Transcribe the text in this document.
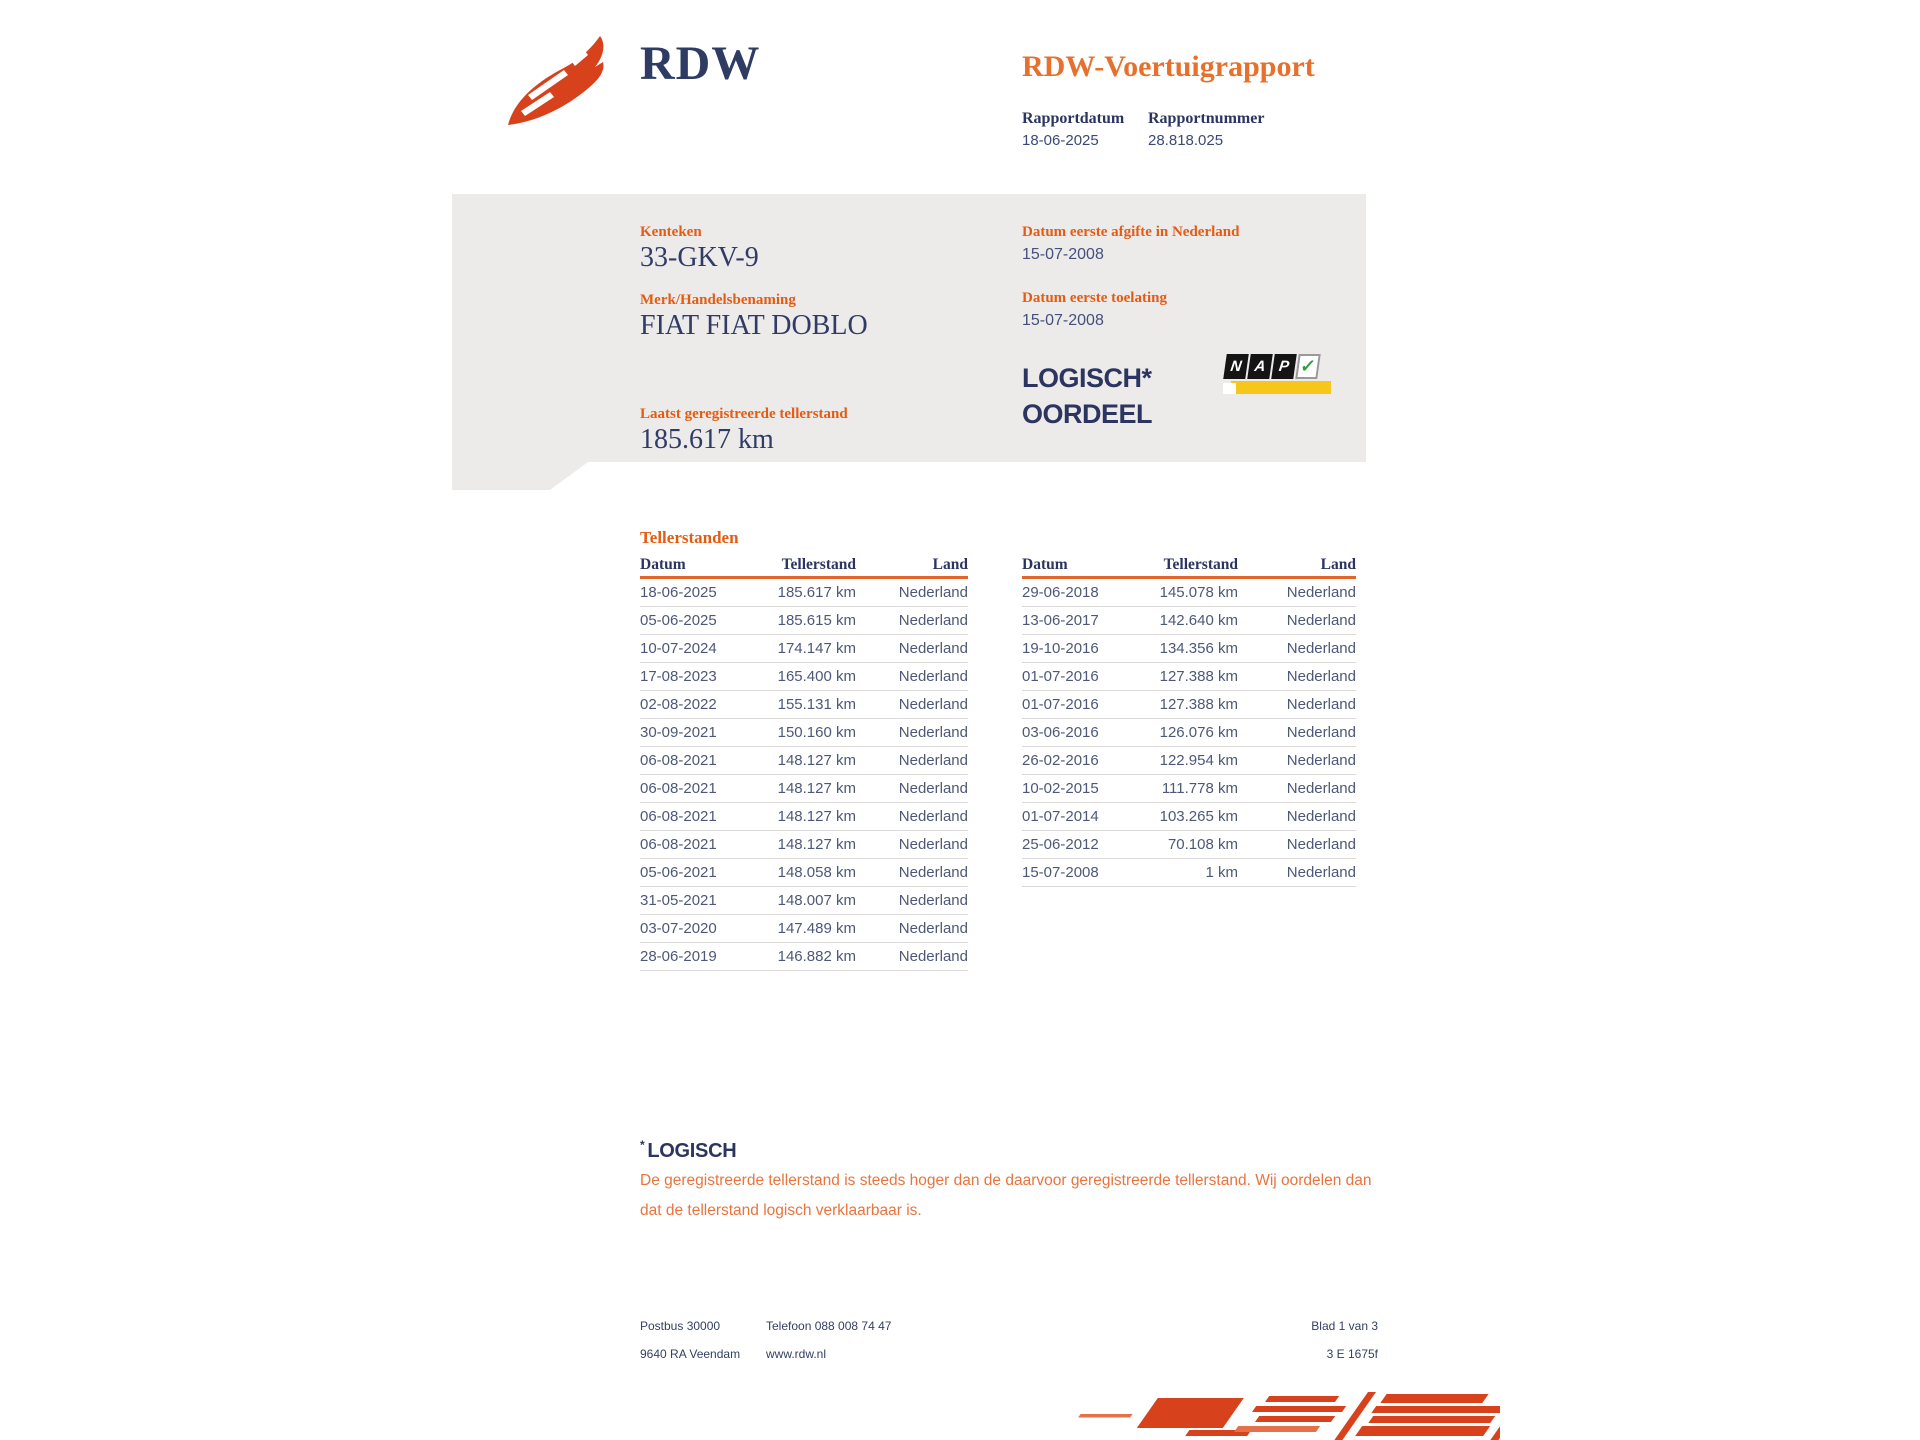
RDW	RDW-Voertuigrapport
Rapportdatum Rapportnummer
18-06-2025	28.818.025
Kenteken
33-GKV-9
Merk/Handelsbenaming
FIAT FIAT DOBLO
Laatst geregistreerde tellerstand
185.617 km
Datum eerste afgifte in Nederland
15-07-2008
Datum eerste toelating
15-07-2008
LOGISCH*
OORDEEL
N A P ✓
Tellerstanden
Datum	Tellerstand	Land
18-06-2025	185.617 km	Nederland
05-06-2025	185.615 km	Nederland
10-07-2024	174.147 km	Nederland
17-08-2023	165.400 km	Nederland
02-08-2022	155.131 km	Nederland
30-09-2021	150.160 km	Nederland
06-08-2021	148.127 km	Nederland
06-08-2021	148.127 km	Nederland
06-08-2021	148.127 km	Nederland
06-08-2021	148.127 km	Nederland
05-06-2021	148.058 km	Nederland
31-05-2021	148.007 km	Nederland
03-07-2020	147.489 km	Nederland
28-06-2019	146.882 km	Nederland
Datum	Tellerstand	Land
29-06-2018	145.078 km	Nederland
13-06-2017	142.640 km	Nederland
19-10-2016	134.356 km	Nederland
01-07-2016	127.388 km	Nederland
01-07-2016	127.388 km	Nederland
03-06-2016	126.076 km	Nederland
26-02-2016	122.954 km	Nederland
10-02-2015	111.778 km	Nederland
01-07-2014	103.265 km	Nederland
25-06-2012	70.108 km	Nederland
15-07-2008	1 km	Nederland
* LOGISCH
De geregistreerde tellerstand is steeds hoger dan de daarvoor geregistreerde tellerstand. Wij oordelen dan
dat de tellerstand logisch verklaarbaar is.
Postbus 30000
9640 RA Veendam
Telefoon 088 008 74 47
www.rdw.nl
Blad 1 van 3
3 E 1675f
